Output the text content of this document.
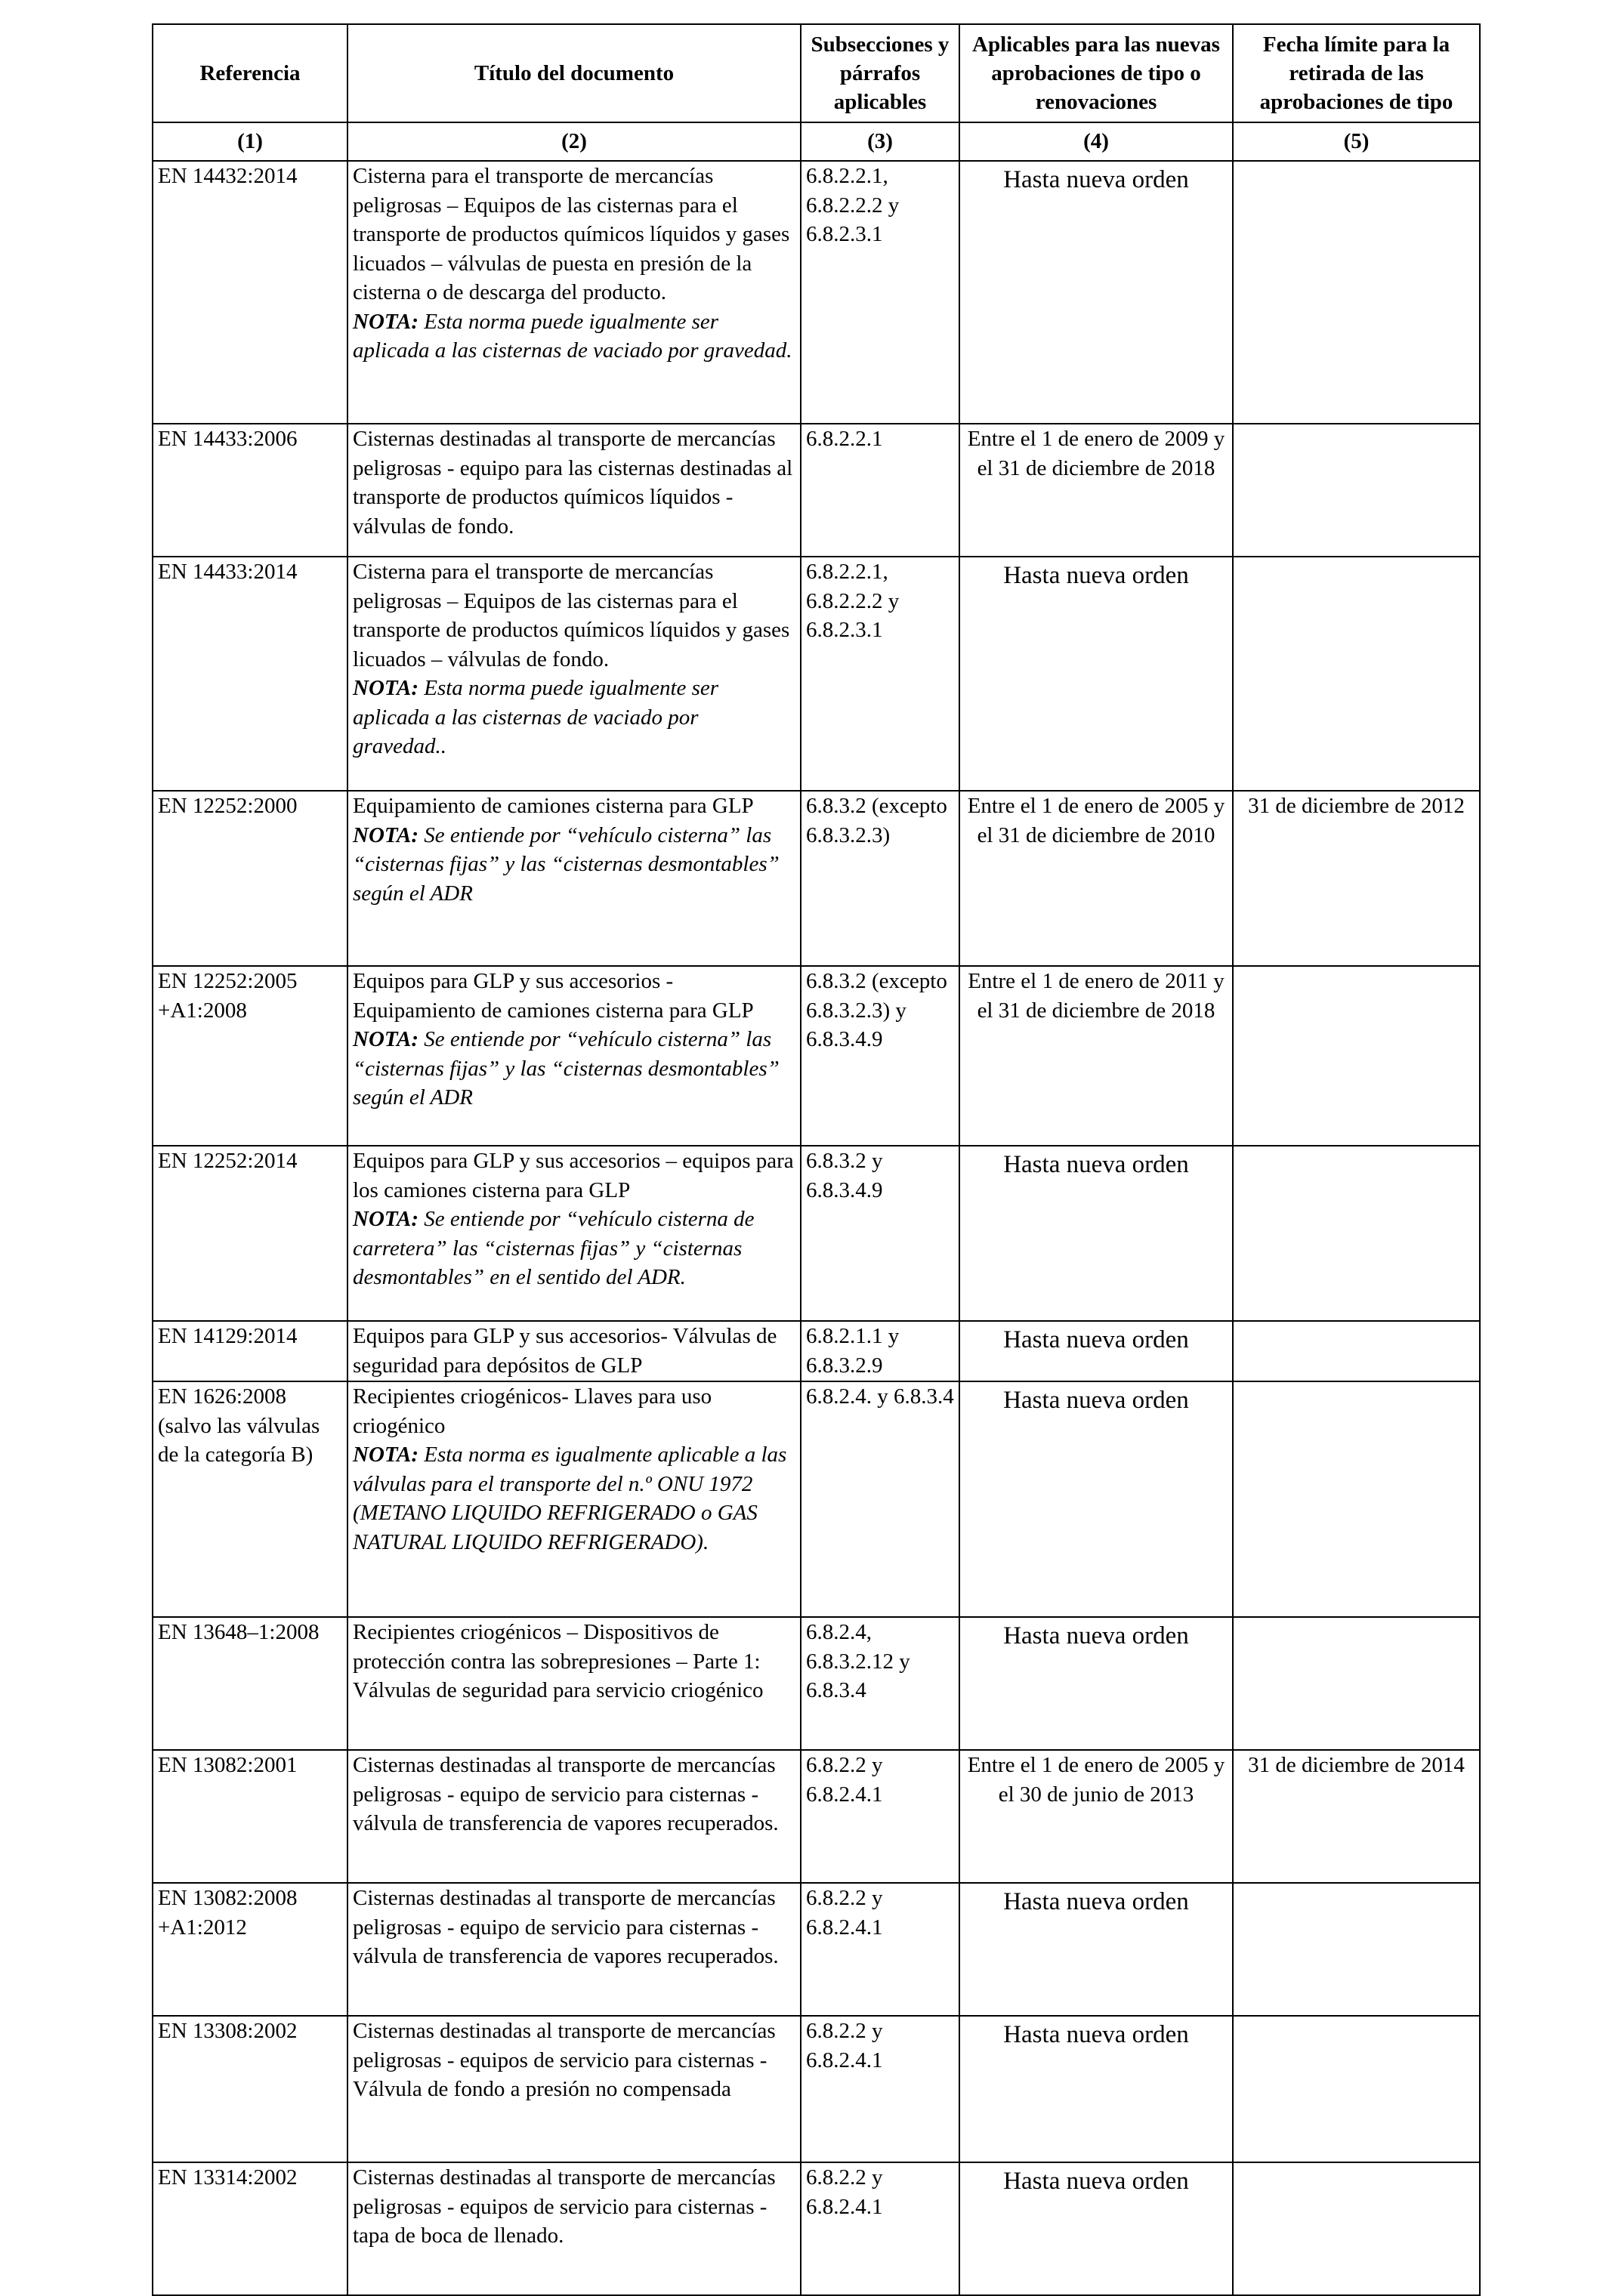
Referencia	Título del documento	Subsecciones y párrafos aplicables	Aplicables para las nuevas aprobaciones de tipo o renovaciones	Fecha límite para la retirada de las aprobaciones de tipo
(1)	(2)	(3)	(4)	(5)
EN 14432:2014	Cisterna para el transporte de mercancías peligrosas – Equipos de las cisternas para el transporte de productos químicos líquidos y gases licuados – válvulas de puesta en presión de la cisterna o de descarga del producto.
NOTA: Esta norma puede igualmente ser aplicada a las cisternas de vaciado por gravedad.	6.8.2.2.1, 6.8.2.2.2 y 6.8.2.3.1	Hasta nueva orden	

EN 14433:2006	Cisternas destinadas al transporte de mercancías peligrosas - equipo para las cisternas destinadas al transporte de productos químicos líquidos - válvulas de fondo.	6.8.2.2.1	Entre el 1 de enero de 2009 y el 31 de diciembre de 2018	
EN 14433:2014	Cisterna para el transporte de mercancías peligrosas – Equipos de las cisternas para el transporte de productos químicos líquidos y gases licuados – válvulas de fondo.
NOTA: Esta norma puede igualmente ser aplicada a las cisternas de vaciado por gravedad..	6.8.2.2.1, 6.8.2.2.2 y 6.8.2.3.1	Hasta nueva orden	

EN 12252:2000	Equipamiento de camiones cisterna para GLP
NOTA: Se entiende por “vehículo cisterna” las “cisternas fijas” y las “cisternas desmontables” según el ADR	6.8.3.2 (excepto 6.8.3.2.3)	Entre el 1 de enero de 2005 y el 31 de diciembre de 2010	31 de diciembre de 2012
EN 12252:2005 +A1:2008	Equipos para GLP y sus accesorios - Equipamiento de camiones cisterna para GLP
NOTA: Se entiende por “vehículo cisterna” las “cisternas fijas” y las “cisternas desmontables” según el ADR	6.8.3.2 (excepto 6.8.3.2.3) y 6.8.3.4.9	Entre el 1 de enero de 2011 y el 31 de diciembre de 2018	
EN 12252:2014	Equipos para GLP y sus accesorios – equipos para los camiones cisterna para GLP
NOTA: Se entiende por “vehículo cisterna de carretera” las “cisternas fijas” y “cisternas desmontables” en el sentido del ADR.	6.8.3.2 y 6.8.3.4.9	Hasta nueva orden	

EN 14129:2014	Equipos para GLP y sus accesorios- Válvulas de seguridad para depósitos de GLP	6.8.2.1.1 y 6.8.3.2.9	Hasta nueva orden	

EN 1626:2008 (salvo las válvulas de la categoría B)	Recipientes criogénicos- Llaves para uso criogénico
NOTA: Esta norma es igualmente aplicable a las válvulas para el transporte del n.º ONU 1972 (METANO LIQUIDO REFRIGERADO o GAS NATURAL LIQUIDO REFRIGERADO).	6.8.2.4. y 6.8.3.4	Hasta nueva orden	

EN 13648–1:2008	Recipientes criogénicos – Dispositivos de protección contra las sobrepresiones – Parte 1: Válvulas de seguridad para servicio criogénico	6.8.2.4, 6.8.3.2.12 y 6.8.3.4	Hasta nueva orden	

EN 13082:2001	Cisternas destinadas al transporte de mercancías peligrosas - equipo de servicio para cisternas - válvula de transferencia de vapores recuperados.	6.8.2.2 y 6.8.2.4.1	Entre el 1 de enero de 2005 y el 30 de junio de 2013	31 de diciembre de 2014
EN 13082:2008 +A1:2012	Cisternas destinadas al transporte de mercancías peligrosas - equipo de servicio para cisternas - válvula de transferencia de vapores recuperados.	6.8.2.2 y 6.8.2.4.1	Hasta nueva orden	

EN 13308:2002	Cisternas destinadas al transporte de mercancías peligrosas - equipos de servicio para cisternas - Válvula de fondo a presión no compensada	6.8.2.2 y 6.8.2.4.1	Hasta nueva orden	

EN 13314:2002	Cisternas destinadas al transporte de mercancías peligrosas - equipos de servicio para cisternas - tapa de boca de llenado.	6.8.2.2 y 6.8.2.4.1	Hasta nueva orden	
